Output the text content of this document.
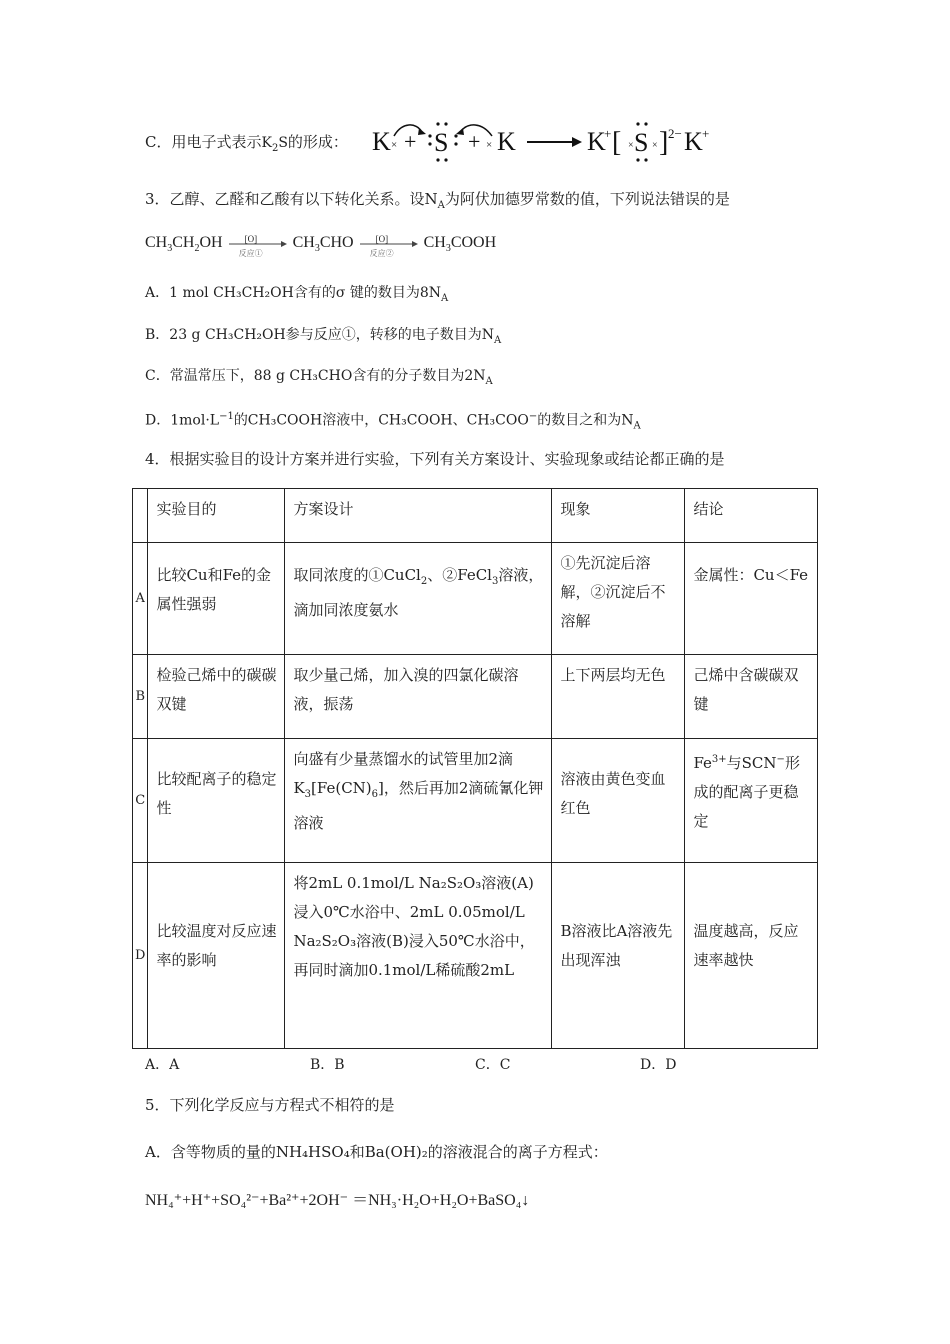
C．用电子式表示$K_2S$的形成： K × + S + × K	K
+ [ × S × ] 2− K +
3．乙醇、乙醛和乙酸有以下转化关系。设$N_A$为阿伏加德罗常数的值，下列说法错误的是
$CH_3CH_2OH$ [O]
反应①
$CH_3CHO$ [O]
反应②
$CH_3COOH$
A．1 mol CH₃CH₂OH含有的σ 键的数目为$8N_A$
B．23 g CH₃CH₂OH参与反应①，转移的电子数目为$N_A$
C．常温常压下，88 g CH₃CHO含有的分子数目为$2N_A$
D．$1mol\cdot L^{-1}$的CH₃COOH溶液中，CH₃COOH、CH₃COO−的数目之和为$N_A$
4．根据实验目的设计方案并进行实验，下列有关方案设计、实验现象或结论都正确的是
	实验目的	方案设计	现象	结论
A	比较Cu和Fe的金属性强弱	取同浓度的①CuCl$_2$、②FeCl$_3$溶液，滴加同浓度氨水	①先沉淀后溶解，②沉淀后不溶解	金属性：Cu＜Fe
B	检验己烯中的碳碳双键	取少量己烯，加入溴的四氯化碳溶液，振荡	上下两层均无色	己烯中含碳碳双键
C	比较配离子的稳定性	向盛有少量蒸馏水的试管里加2滴$K_3[Fe(CN)_6]$，然后再加2滴硫氰化钾溶液	溶液由黄色变血红色	$Fe^{3+}$与SCN−形成的配离子更稳定
D	比较温度对反应速率的影响	将2mL 0.1mol/L Na₂S₂O₃溶液(A)浸入0℃水浴中、2mL 0.05mol/L Na₂S₂O₃溶液(B)浸入50℃水浴中，再同时滴加0.1mol/L稀硫酸2mL	B溶液比A溶液先出现浑浊	温度越高，反应速率越快
A．A	B．B	C．C	D．D
5．下列化学反应与方程式不相符的是
A．含等物质的量的NH₄HSO₄和Ba(OH)₂的溶液混合的离子方程式：
NH₄⁺+H⁺+SO₄²⁻+Ba²⁺+2OH⁻ ＝NH₃·H₂O+H₂O+BaSO₄↓
